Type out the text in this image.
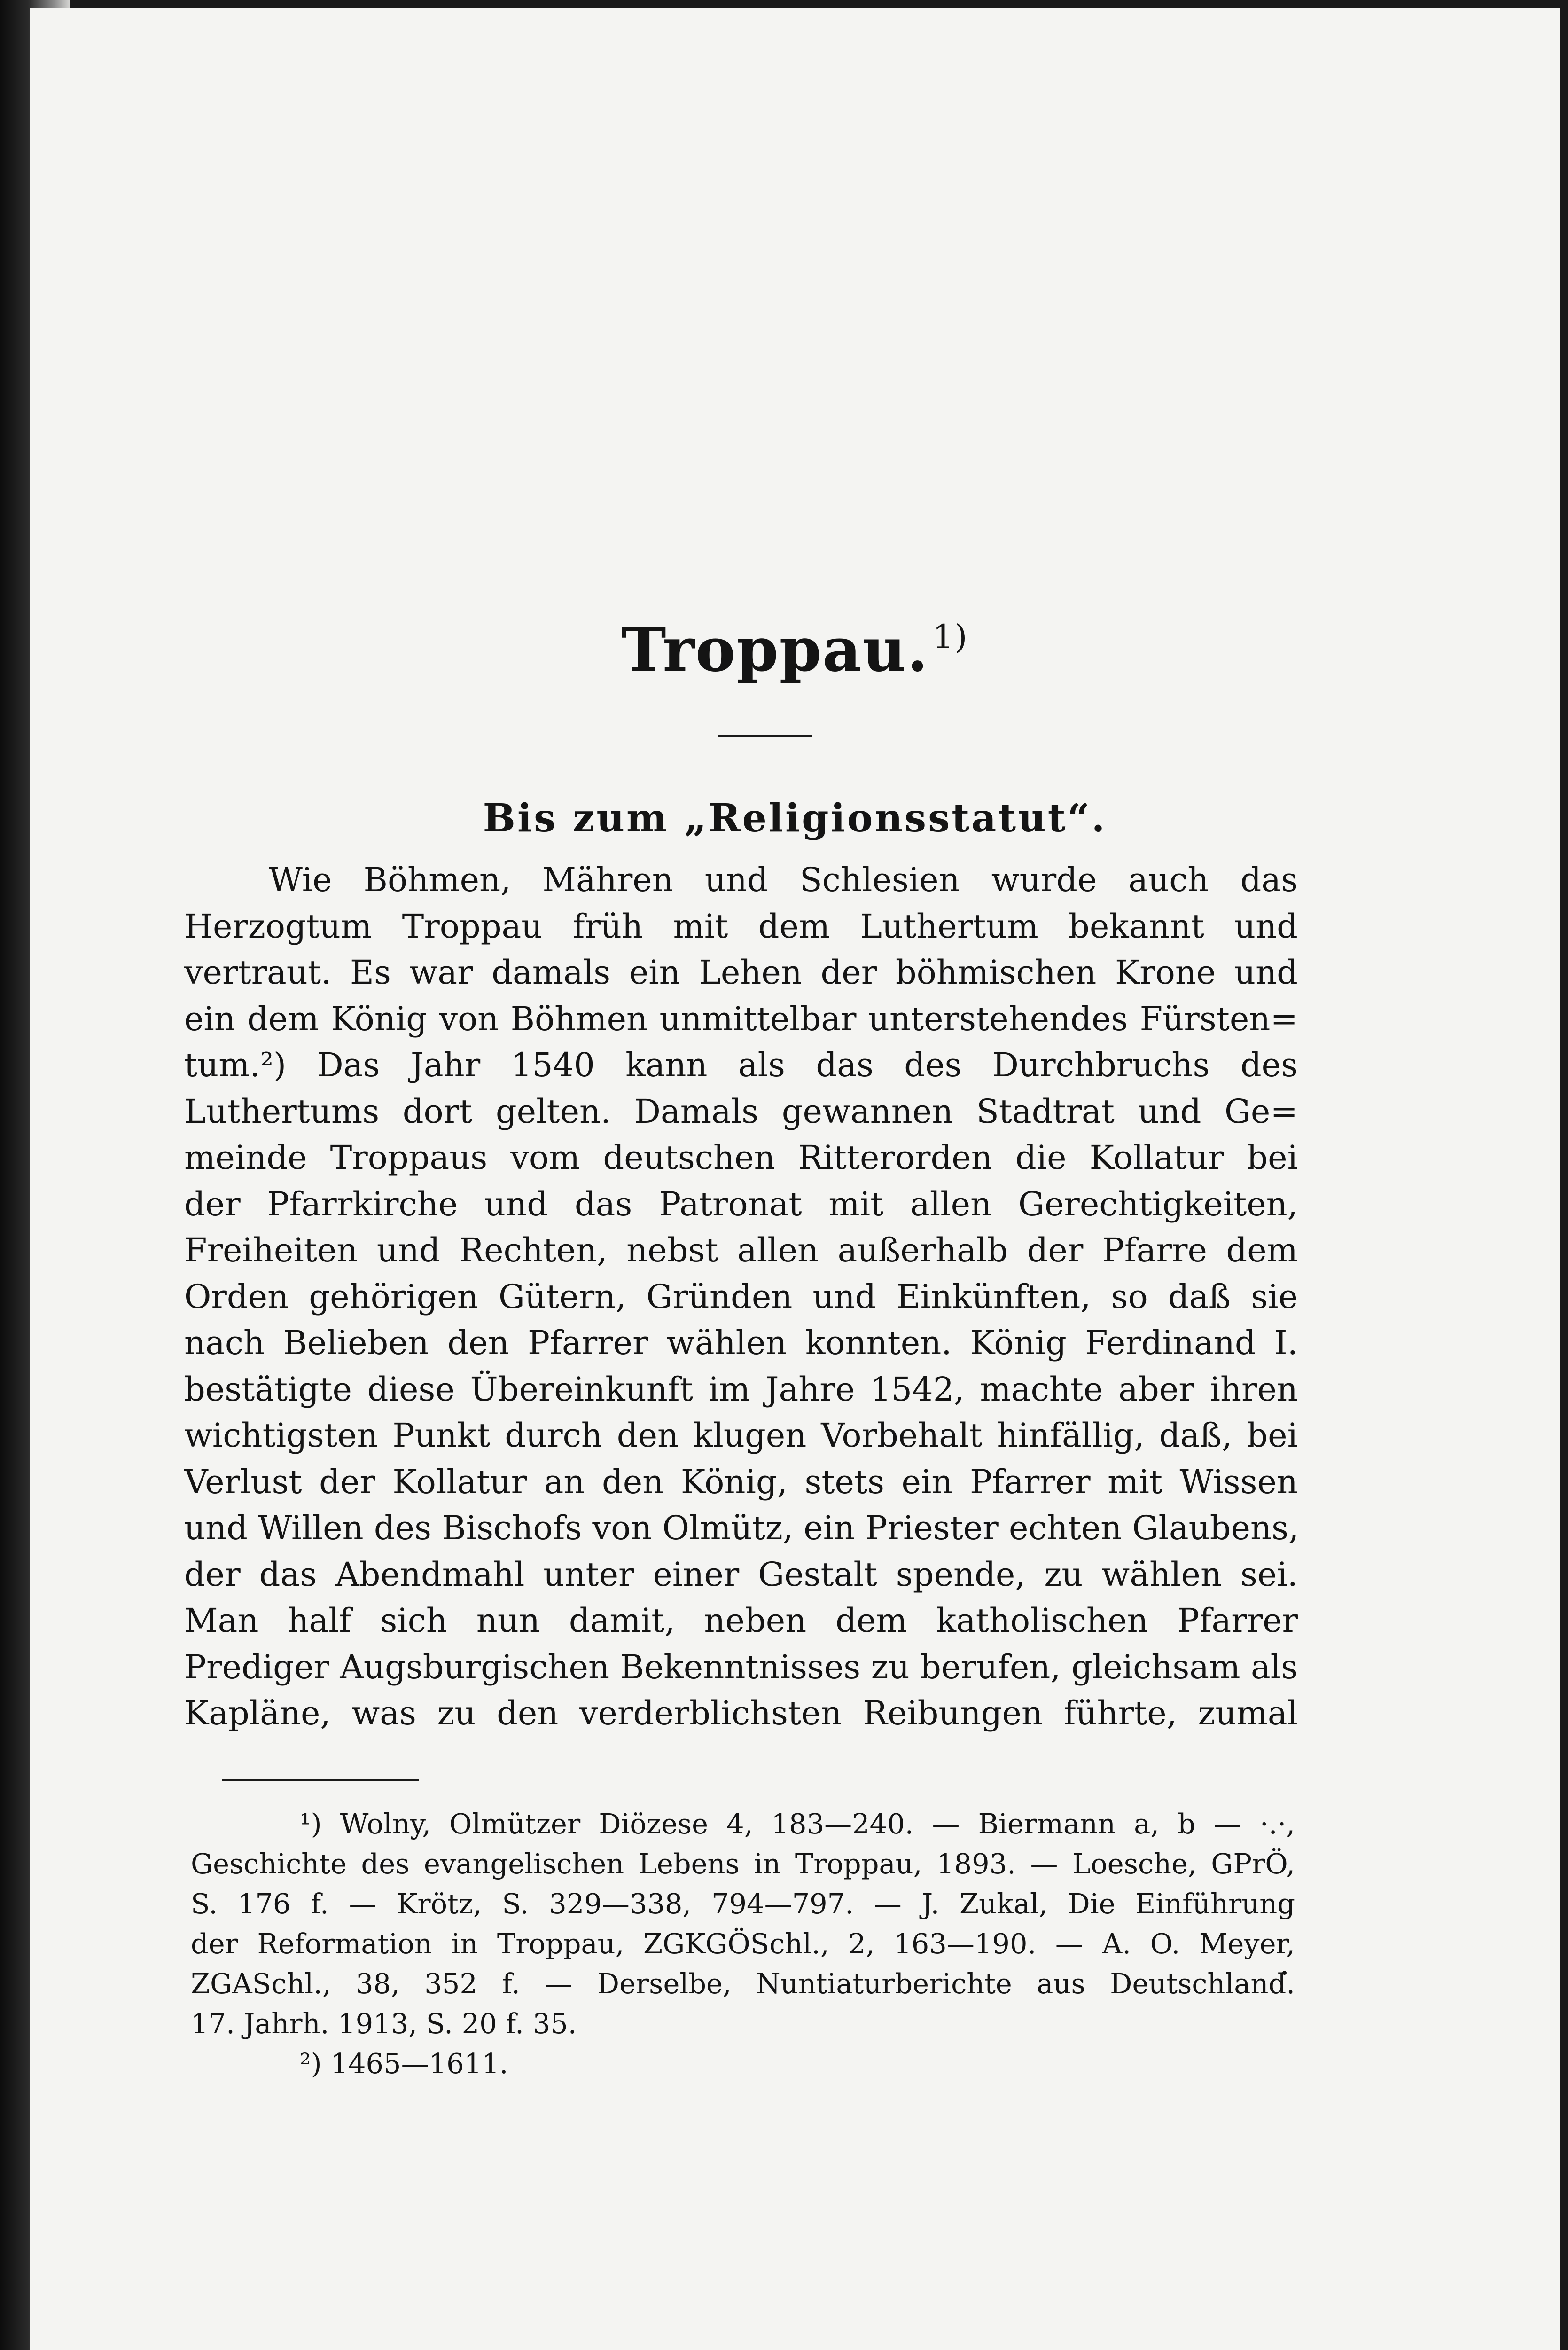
Troppau. $^{1)}$
Bis zum „Religionsstatut“.
Wie Böhmen, Mähren und Schlesien wurde auch das
Herzogtum Troppau früh mit dem Luthertum bekannt und
vertraut. Es war damals ein Lehen der böhmischen Krone und
ein dem König von Böhmen unmittelbar unterstehendes Fürsten=
tum.²) Das Jahr 1540 kann als das des Durchbruchs des
Luthertums dort gelten. Damals gewannen Stadtrat und Ge=
meinde Troppaus vom deutschen Ritterorden die Kollatur bei
der Pfarrkirche und das Patronat mit allen Gerechtigkeiten,
Freiheiten und Rechten, nebst allen außerhalb der Pfarre dem
Orden gehörigen Gütern, Gründen und Einkünften, so daß sie
nach Belieben den Pfarrer wählen konnten. König Ferdinand I.
bestätigte diese Übereinkunft im Jahre 1542, machte aber ihren
wichtigsten Punkt durch den klugen Vorbehalt hinfällig, daß, bei
Verlust der Kollatur an den König, stets ein Pfarrer mit Wissen
und Willen des Bischofs von Olmütz, ein Priester echten Glaubens,
der das Abendmahl unter einer Gestalt spende, zu wählen sei.
Man half sich nun damit, neben dem katholischen Pfarrer
Prediger Augsburgischen Bekenntnisses zu berufen, gleichsam als
Kapläne, was zu den verderblichsten Reibungen führte, zumal
¹) Wolny, Olmützer Diözese 4, 183—240. — Biermann a, b — ·.·,
Geschichte des evangelischen Lebens in Troppau, 1893. — Loesche, GPrÖ,
S. 176 f. — Krötz, S. 329—338, 794—797. — J. Zukal, Die Einführung
der Reformation in Troppau, ZGKGÖSchl., 2, 163—190. — A. O. Meyer,
ZGASchl., 38, 352 f. — Derselbe, Nuntiaturberichte aus Deutschland.
17. Jahrh. 1913, S. 20 f. 35.
²) 1465—1611.
